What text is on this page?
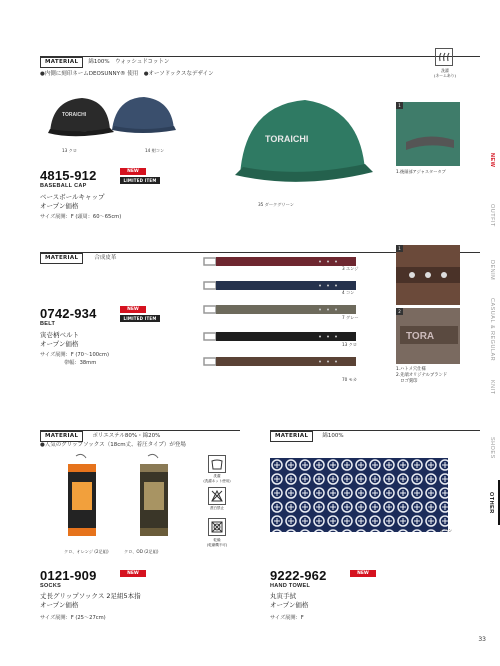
NEW
OUTFIT
DENIM
CASUAL & REGULAR
KNIT
SHOES
OTHER
MATERIAL 綿100%　ウォッシュドコットン
●内側に刻印ネームDEOSUNNY® 使用　●オーソドックスなデザイン
洗濯
(ネームあり)
TORAICHI
13 クロ	14 紺コン
TORAICHI
35 ダークグリーン
1
1.後頭部アジャスタータブ
NEW
LIMITED ITEM
4815-912
BASEBALL CAP
ベースボールキャップ
オープン価格
サイズ展開：F (頭周：60〜65cm)
MATERIAL	合成皮革
3 エンジ
4 コン
7 グレー
13 クロ
70 モカ
1
2
TORA
1.ハトメ穴仕様
2.先端オリジナルブランド
　ロゴ刻印
NEW
LIMITED ITEM
0742-934
BELT
寅壱柄ベルト
オープン価格
サイズ展開：F (70〜100cm)
帯幅：38mm
MATERIAL	ポリエステル80%・綿20%
●人気のグリップソックス（18cm丈、着圧タイプ）が登場
クロ、オレンジ (2足組)	クロ、OD (2足組)
洗濯
(洗濯ネット使用)
漂白禁止
乾燥
(乾燥機不可)
NEW
0121-909
SOCKS
丈長グリップソックス 2足組5本指
オープン価格
サイズ展開：F (25〜27cm)
MATERIAL	綿100%
4 コン
NEW
9222-962
HAND TOWEL
丸寅手拭
オープン価格
サイズ展開：F
33
